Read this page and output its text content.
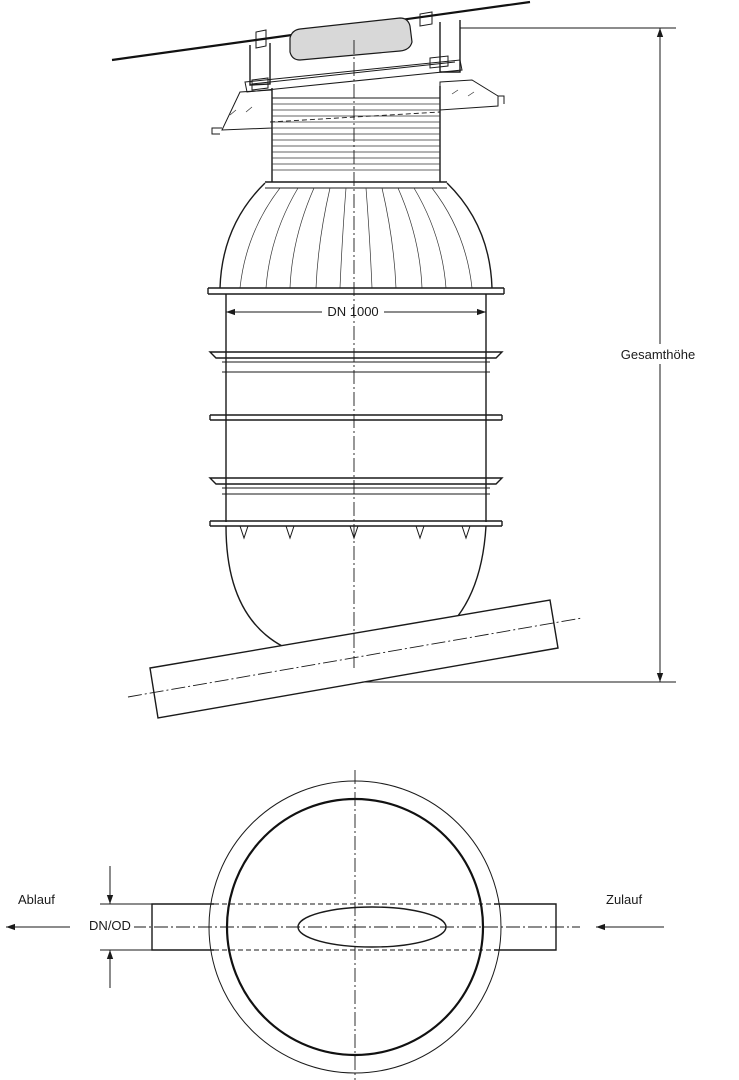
DN 1000
Gesamthöhe
Ablauf	Zulauf
DN/OD
